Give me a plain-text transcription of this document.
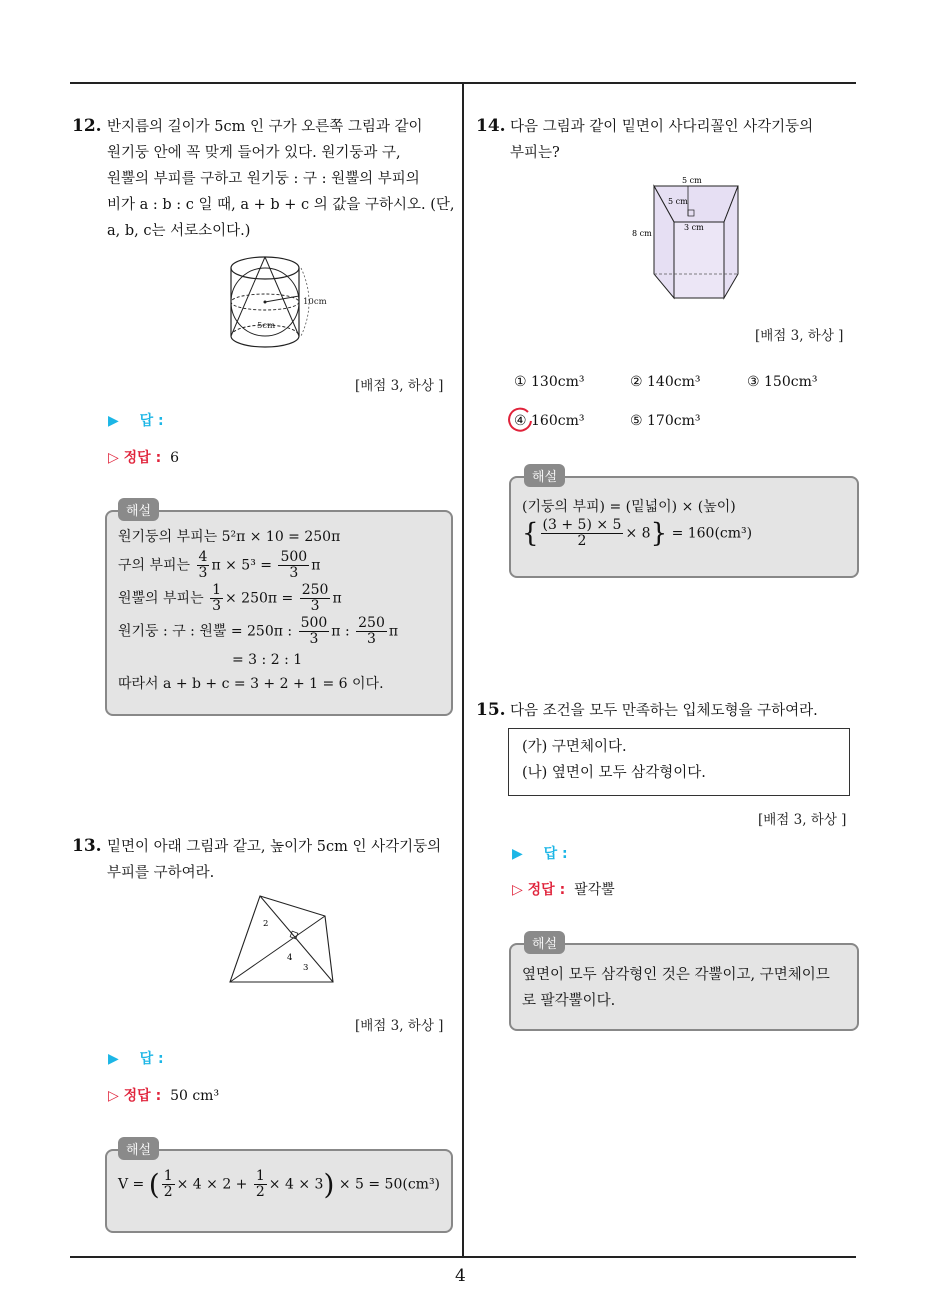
4
12. 반지름의 길이가 5cm 인 구가 오른쪽 그림과 같이
원기둥 안에 꼭 맞게 들어가 있다. 원기둥과 구,
원뿔의 부피를 구하고 원기둥 : 구 : 원뿔의 부피의
비가 a : b : c 일 때, a + b + c 의 값을 구하시오. (단,
a, b, c는 서로소이다.)
10cm
5cm
[배점 3, 하상 ]
▶ 답 :
▷ 정답 : 6
해설
원기둥의 부피는 5²π × 10 = 250π
구의 부피는 $\frac{4}{3}$ $\pi \times 5^3 = \frac{500}{3}$ π
원뿔의 부피는 $\frac{1}{3} \times 250\pi = \frac{250}{3}$ π
원기둥 : 구 : 원뿔 = 250π : $\frac{500}{3}$ π : $\frac{250}{3}$ π
= 3 : 2 : 1
따라서 a + b + c = 3 + 2 + 1 = 6 이다.
13. 밑면이 아래 그림과 같고, 높이가 5cm 인 사각기둥의
부피를 구하여라.
2
4
3
[배점 3, 하상 ]
▶ 답 :
▷ 정답 : 50 cm³
해설
V = ( $\frac{1}{2} \times 4 \times 2 + \frac{1}{2} \times 4 \times 3) \times 5 = 50(cm^3)$
14. 다음 그림과 같이 밑면이 사다리꼴인 사각기둥의
부피는?
5 cm
5 cm
3 cm
8 cm
[배점 3, 하상 ]
① 130cm³	② 140cm³	③ 150cm³
④ 160cm³	⑤ 170cm³
해설
(기둥의 부피) = (밑넓이) × (높이)
{ $\frac{(3 + 5) \times 5}{2} \times 8\} = 160(cm^3)$
15. 다음 조건을 모두 만족하는 입체도형을 구하여라.
(가) 구면체이다.
(나) 옆면이 모두 삼각형이다.
[배점 3, 하상 ]
▶ 답 :
▷ 정답 : 팔각뿔
해설
옆면이 모두 삼각형인 것은 각뿔이고, 구면체이므
로 팔각뿔이다.
